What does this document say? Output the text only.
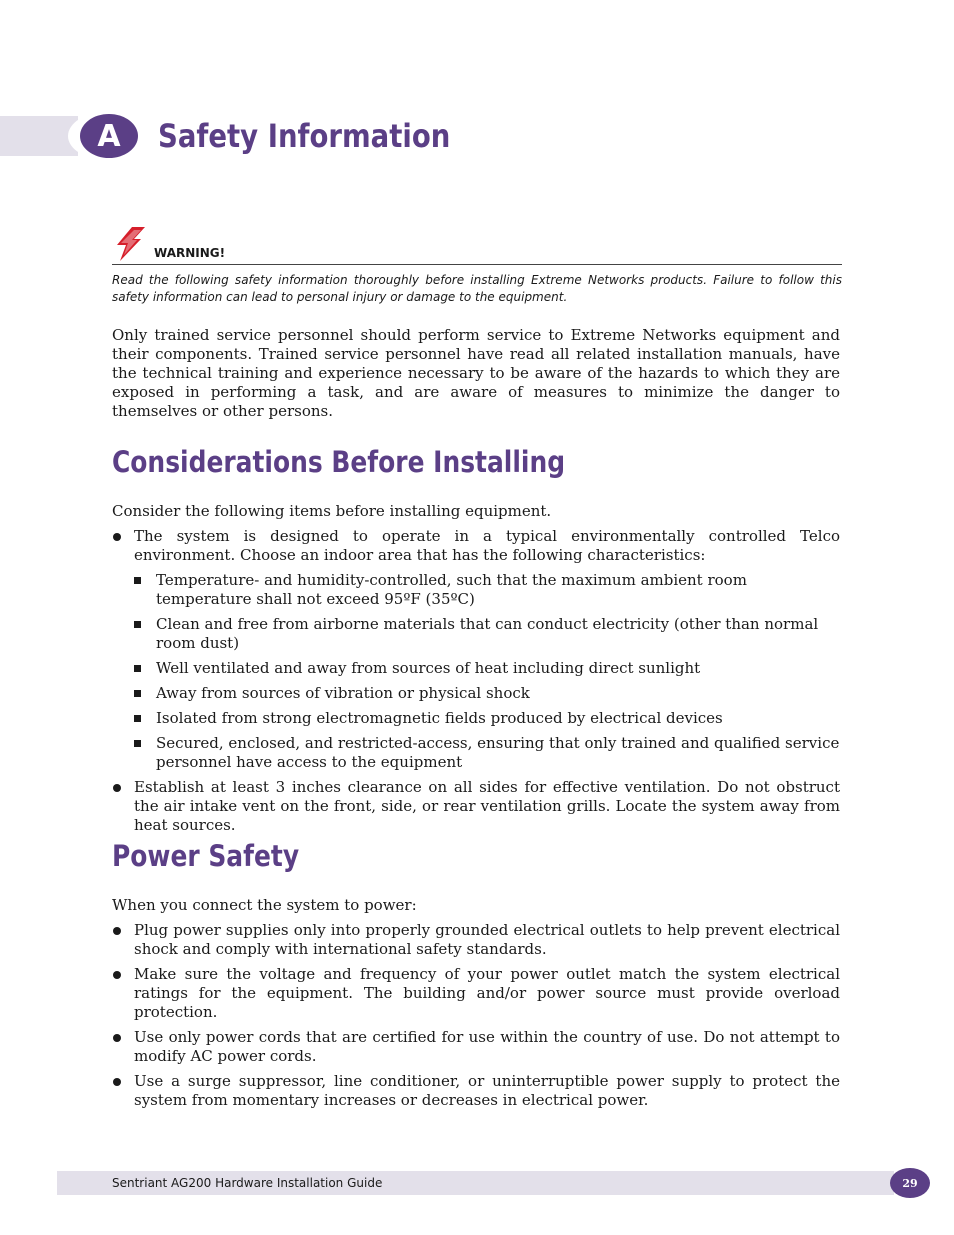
A	Safety Information
WARNING!

Read the following safety information thoroughly before installing Extreme Networks products. Failure to follow this safety information can lead to personal injury or damage to the equipment.

Only trained service personnel should perform service to Extreme Networks equipment and their components. Trained service personnel have read all related installation manuals, have the technical training and experience necessary to be aware of the hazards to which they are exposed in performing a task, and are aware of measures to minimize the danger to themselves or other persons.

Considerations Before Installing

Consider the following items before installing equipment.

The system is designed to operate in a typical environmentally controlled Telco environment. Choose an indoor area that has the following characteristics:
Temperature- and humidity-controlled, such that the maximum ambient room temperature shall not exceed 95ºF (35ºC)
Clean and free from airborne materials that can conduct electricity (other than normal room dust)
Well ventilated and away from sources of heat including direct sunlight
Away from sources of vibration or physical shock
Isolated from strong electromagnetic fields produced by electrical devices
Secured, enclosed, and restricted-access, ensuring that only trained and qualified service personnel have access to the equipment
Establish at least 3 inches clearance on all sides for effective ventilation. Do not obstruct the air intake vent on the front, side, or rear ventilation grills. Locate the system away from heat sources.
Power Safety

When you connect the system to power:

Plug power supplies only into properly grounded electrical outlets to help prevent electrical shock and comply with international safety standards.
Make sure the voltage and frequency of your power outlet match the system electrical ratings for the equipment. The building and/or power source must provide overload protection.
Use only power cords that are certified for use within the country of use. Do not attempt to modify AC power cords.
Use a surge suppressor, line conditioner, or uninterruptible power supply to protect the system from momentary increases or decreases in electrical power.
Sentriant AG200 Hardware Installation Guide	29
